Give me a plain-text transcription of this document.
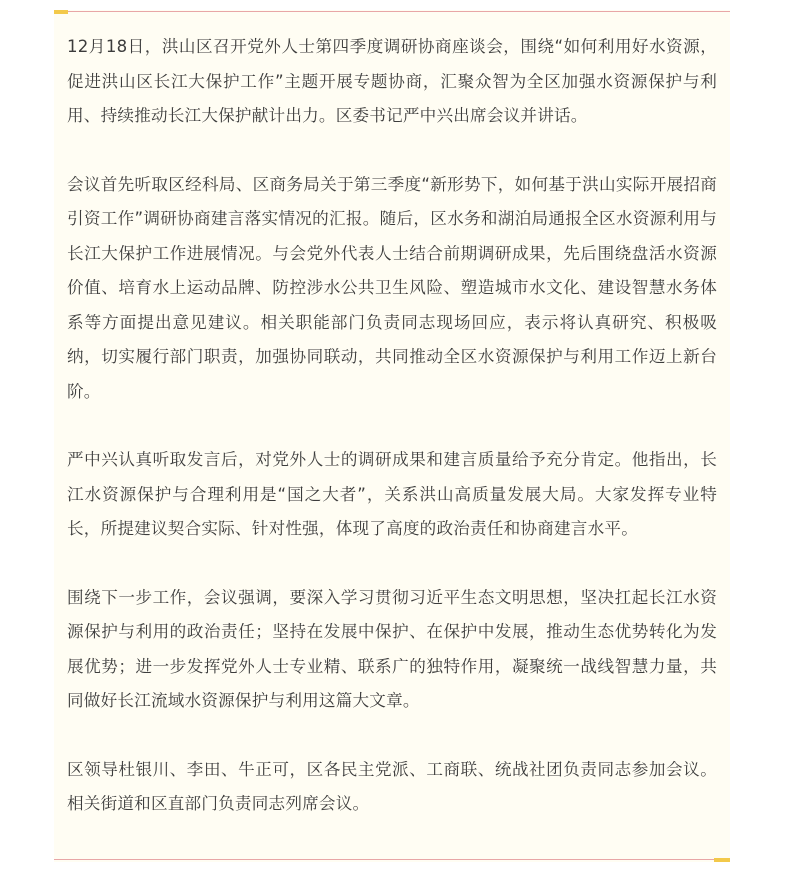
12月18日，洪山区召开党外人士第四季度调研协商座谈会，围绕“如何利用好水资源，促进洪山区长江大保护工作”主题开展专题协商，汇聚众智为全区加强水资源保护与利用、持续推动长江大保护献计出力。区委书记严中兴出席会议并讲话。

会议首先听取区经科局、区商务局关于第三季度“新形势下，如何基于洪山实际开展招商引资工作”调研协商建言落实情况的汇报。随后，区水务和湖泊局通报全区水资源利用与长江大保护工作进展情况。与会党外代表人士结合前期调研成果，先后围绕盘活水资源价值、培育水上运动品牌、防控涉水公共卫生风险、塑造城市水文化、建设智慧水务体系等方面提出意见建议。相关职能部门负责同志现场回应，表示将认真研究、积极吸纳，切实履行部门职责，加强协同联动，共同推动全区水资源保护与利用工作迈上新台阶。

严中兴认真听取发言后，对党外人士的调研成果和建言质量给予充分肯定。他指出，长江水资源保护与合理利用是“国之大者”，关系洪山高质量发展大局。大家发挥专业特长，所提建议契合实际、针对性强，体现了高度的政治责任和协商建言水平。

围绕下一步工作，会议强调，要深入学习贯彻习近平生态文明思想，坚决扛起长江水资源保护与利用的政治责任；坚持在发展中保护、在保护中发展，推动生态优势转化为发展优势；进一步发挥党外人士专业精、联系广的独特作用，凝聚统一战线智慧力量，共同做好长江流域水资源保护与利用这篇大文章。

区领导杜银川、李田、牛正可，区各民主党派、工商联、统战社团负责同志参加会议。相关街道和区直部门负责同志列席会议。
